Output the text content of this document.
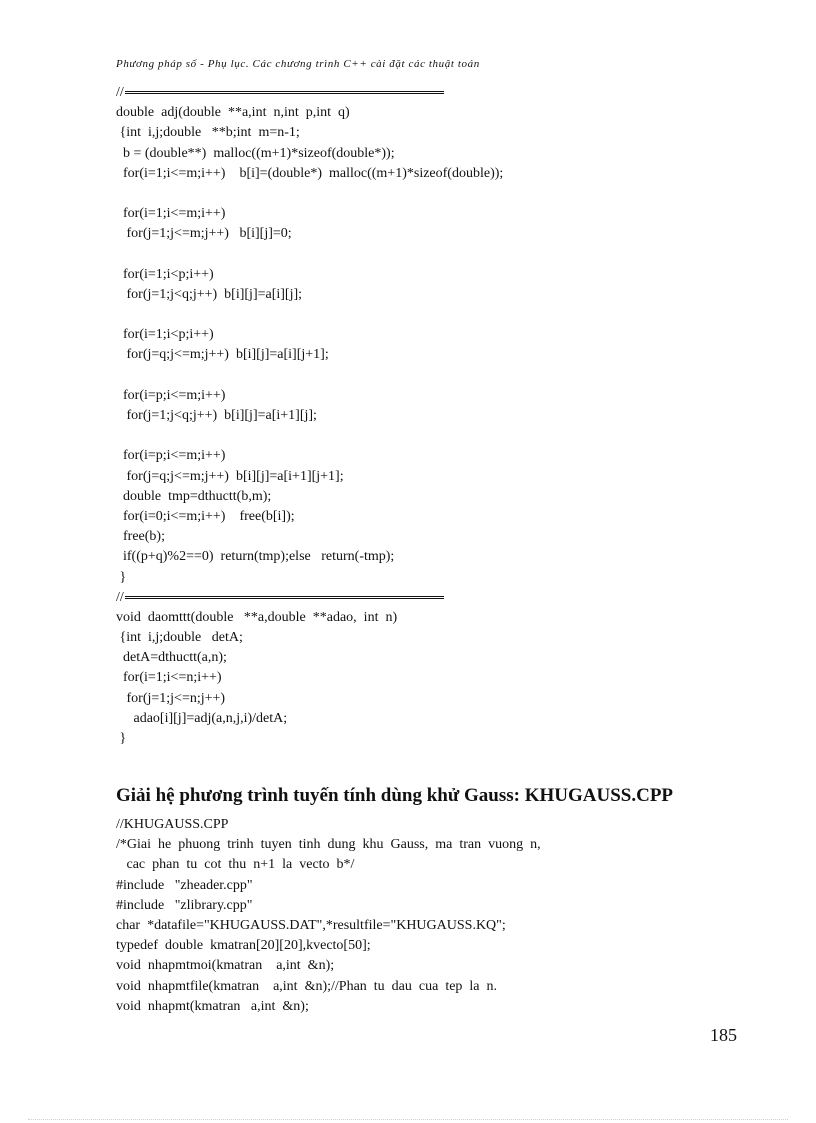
Phương pháp số - Phụ lục. Các chương trình C++ cài đặt các thuật toán
//
double  adj(double  **a,int  n,int  p,int  q)
{int  i,j;double   **b;int  m=n-1;
b = (double**)  malloc((m+1)*sizeof(double*));
for(i=1;i<=m;i++)    b[i]=(double*)  malloc((m+1)*sizeof(double));
for(i=1;i<=m;i++)
for(j=1;j<=m;j++)   b[i][j]=0;
for(i=1;i<p;i++)
for(j=1;j<q;j++)  b[i][j]=a[i][j];
for(i=1;i<p;i++)
for(j=q;j<=m;j++)  b[i][j]=a[i][j+1];
for(i=p;i<=m;i++)
for(j=1;j<q;j++)  b[i][j]=a[i+1][j];
for(i=p;i<=m;i++)
for(j=q;j<=m;j++)  b[i][j]=a[i+1][j+1];
double  tmp=dthuctt(b,m);
for(i=0;i<=m;i++)    free(b[i]);
free(b);
if((p+q)%2==0)  return(tmp);else   return(-tmp);
}
//
void  daomttt(double   **a,double  **adao,  int  n)
{int  i,j;double   detA;
detA=dthuctt(a,n);
for(i=1;i<=n;i++)
for(j=1;j<=n;j++)
adao[i][j]=adj(a,n,j,i)/detA;
}
Giải hệ phương trình tuyến tính dùng khử Gauss: KHUGAUSS.CPP
//KHUGAUSS.CPP
/*Giai  he  phuong  trinh  tuyen  tinh  dung  khu  Gauss,  ma  tran  vuong  n,
cac  phan  tu  cot  thu  n+1  la  vecto  b*/
#include   "zheader.cpp"
#include   "zlibrary.cpp"
char  *datafile="KHUGAUSS.DAT",*resultfile="KHUGAUSS.KQ";
typedef  double  kmatran[20][20],kvecto[50];
void  nhapmtmoi(kmatran    a,int  &n);
void  nhapmtfile(kmatran    a,int  &n);//Phan  tu  dau  cua  tep  la  n.
void  nhapmt(kmatran   a,int  &n);
185
